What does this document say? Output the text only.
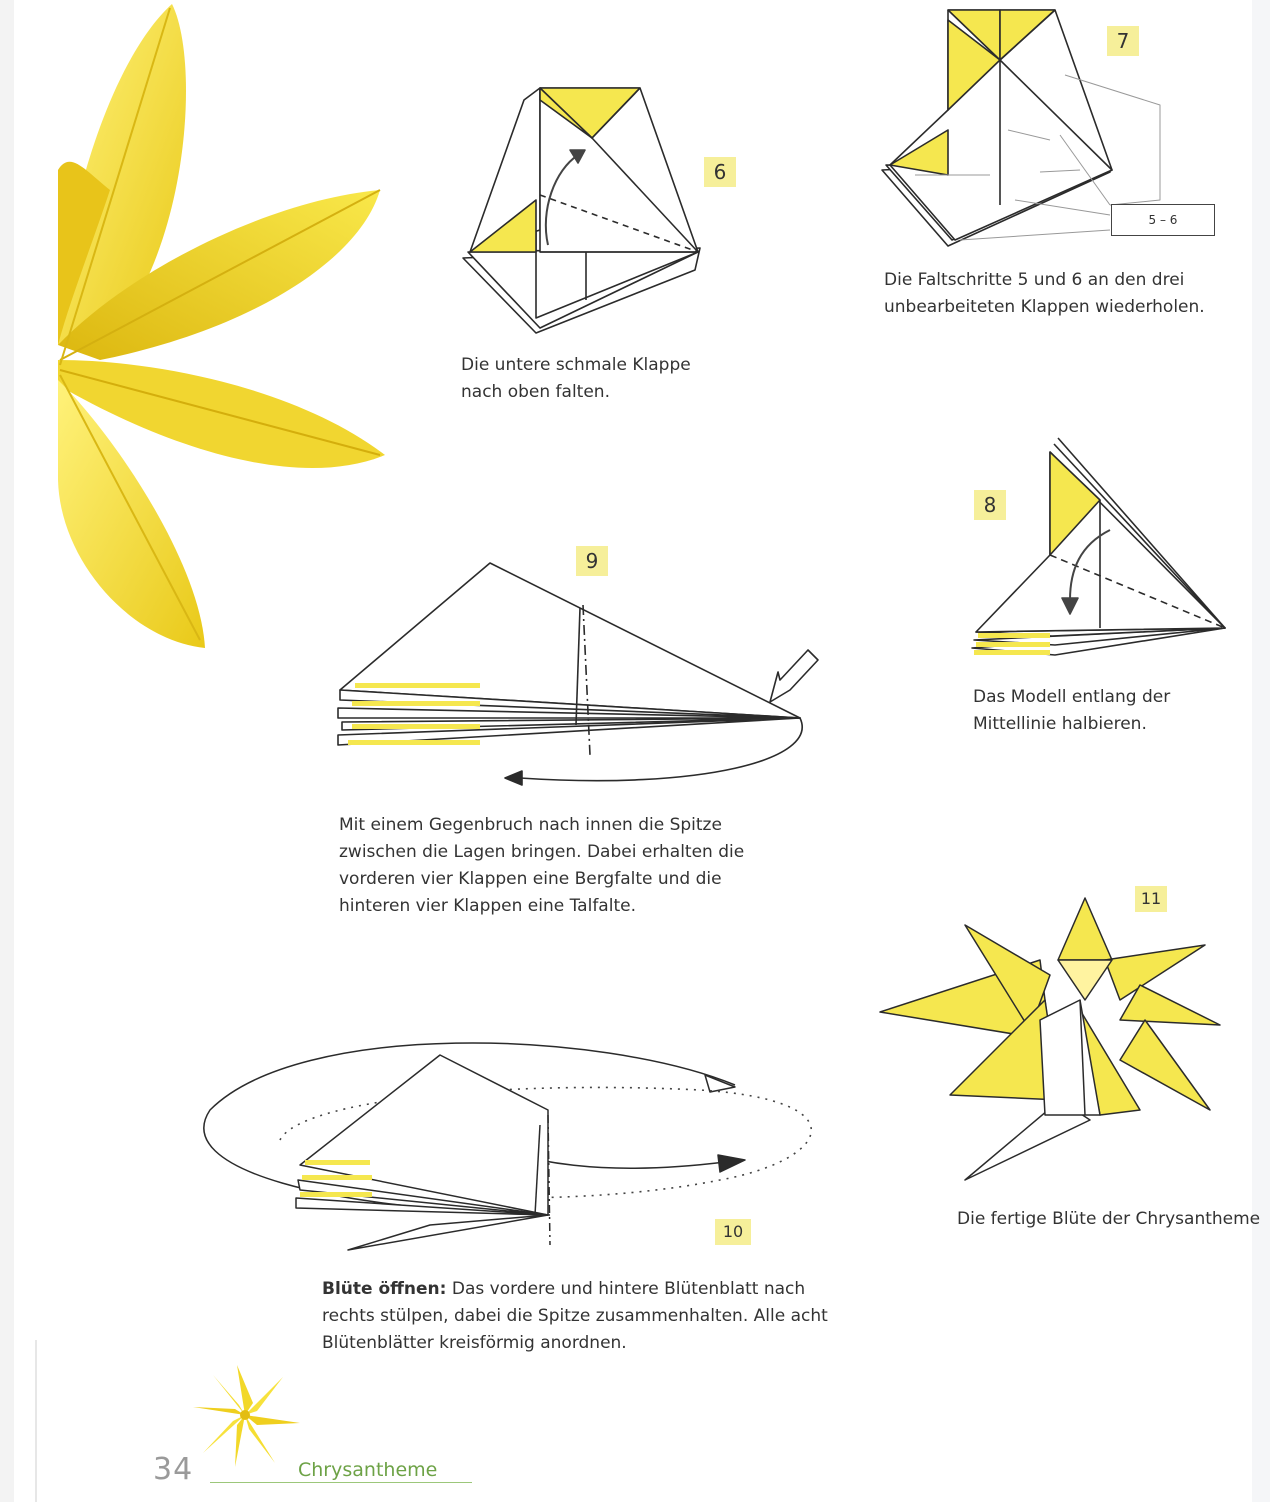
6
7
8
9
10
11
5 – 6
Die untere schmale Klappe nach oben falten.
Die Faltschritte 5 und 6 an den drei unbearbeiteten Klappen wiederholen.
Das Modell entlang der Mittellinie halbieren.
Mit einem Gegenbruch nach innen die Spitze zwischen die Lagen bringen. Dabei erhalten die vorderen vier Klappen eine Bergfalte und die hinteren vier Klappen eine Talfalte.
Blüte öffnen: Das vordere und hintere Blütenblatt nach rechts stülpen, dabei die Spitze zusammenhalten. Alle acht Blütenblätter kreisförmig anordnen.
Die fertige Blüte der Chrysantheme
34	Chrysantheme
